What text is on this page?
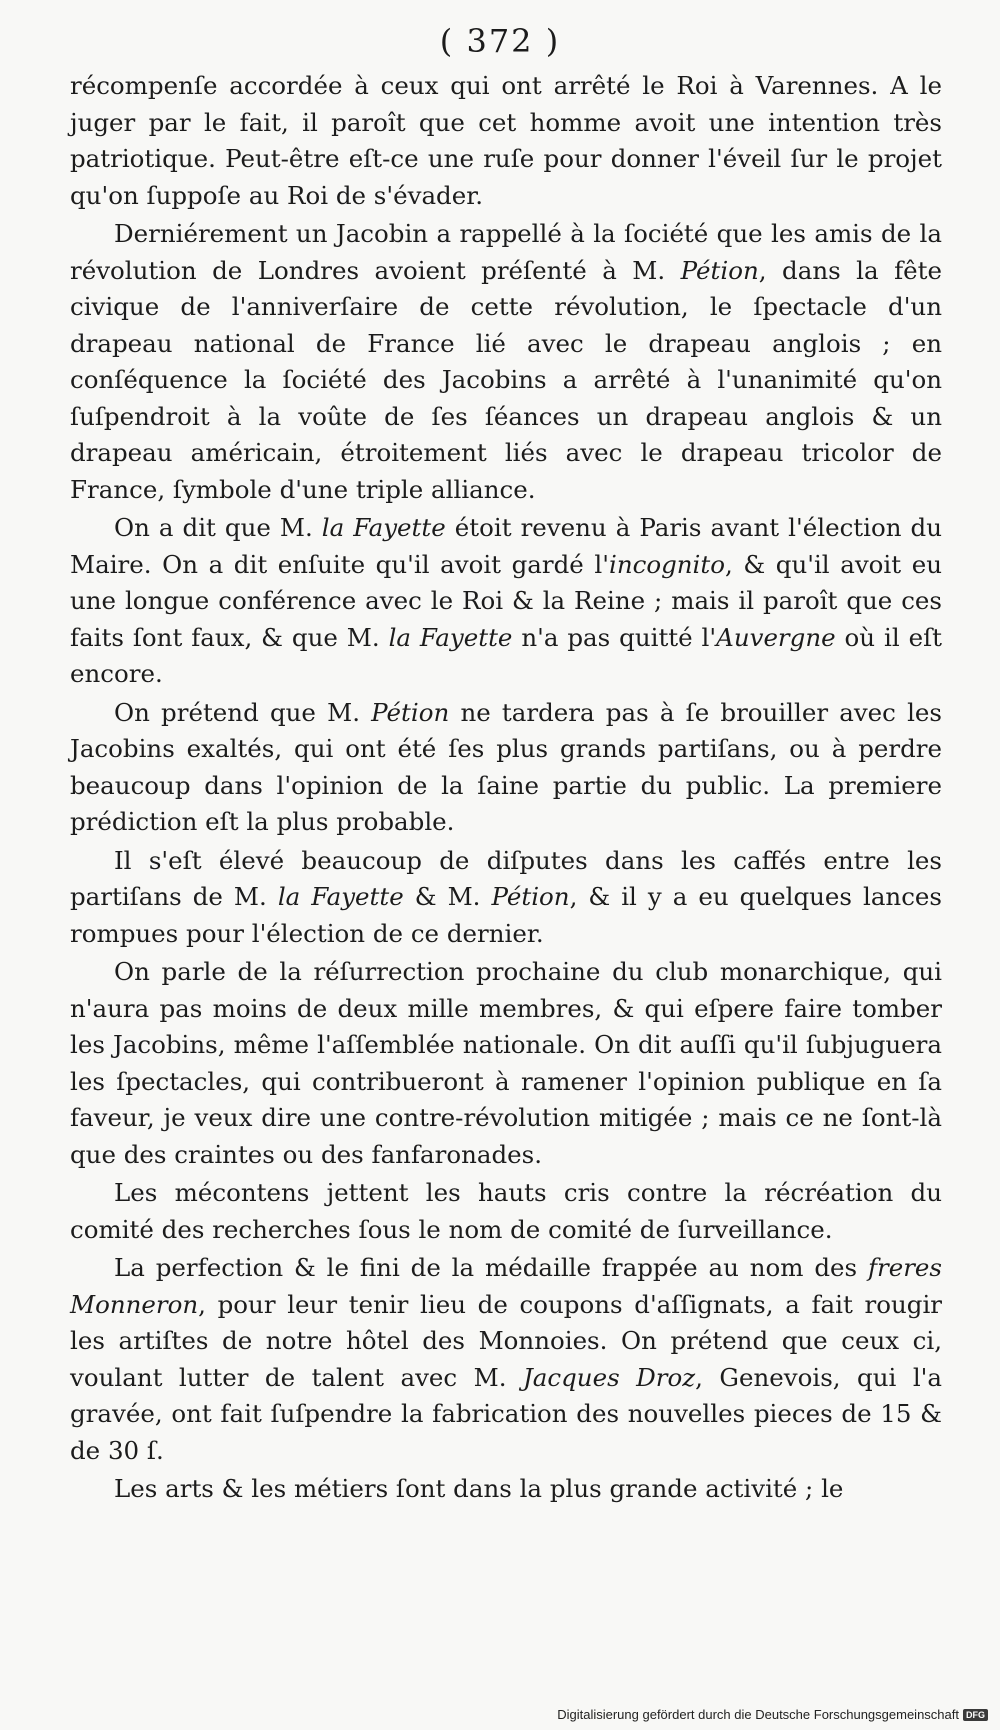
( 372 )

récompenſe accordée à ceux qui ont arrêté le Roi à Varennes. A le juger par le fait, il paroît que cet homme avoit une intention très patriotique. Peut-être eſt-ce une ruſe pour donner l'éveil ſur le projet qu'on ſuppoſe au Roi de s'évader.

Derniérement un Jacobin a rappellé à la ſociété que les amis de la révolution de Londres avoient préſenté à M. Pétion, dans la fête civique de l'anniverſaire de cette révolution, le ſpectacle d'un drapeau national de France lié avec le drapeau anglois ; en conſéquence la ſociété des Jacobins a arrêté à l'unanimité qu'on ſuſpendroit à la voûte de ſes ſéances un drapeau anglois & un drapeau américain, étroitement liés avec le drapeau tricolor de France, ſymbole d'une triple alliance.

On a dit que M. la Fayette étoit revenu à Paris avant l'élection du Maire. On a dit enſuite qu'il avoit gardé l'incognito, & qu'il avoit eu une longue conférence avec le Roi & la Reine ; mais il paroît que ces faits ſont faux, & que M. la Fayette n'a pas quitté l'Auvergne où il eſt encore.

On prétend que M. Pétion ne tardera pas à ſe brouiller avec les Jacobins exaltés, qui ont été ſes plus grands partiſans, ou à perdre beaucoup dans l'opinion de la ſaine partie du public. La premiere prédiction eſt la plus probable.

Il s'eſt élevé beaucoup de diſputes dans les caffés entre les partiſans de M. la Fayette & M. Pétion, & il y a eu quelques lances rompues pour l'élection de ce dernier.

On parle de la réſurrection prochaine du club monarchique, qui n'aura pas moins de deux mille membres, & qui eſpere faire tomber les Jacobins, même l'aſſemblée nationale. On dit auſſi qu'il ſubjuguera les ſpectacles, qui contribueront à ramener l'opinion publique en ſa faveur, je veux dire une contre-révolution mitigée ; mais ce ne ſont-là que des craintes ou des fanfaronades.

Les mécontens jettent les hauts cris contre la récréation du comité des recherches ſous le nom de comité de ſurveillance.

La perfection & le fini de la médaille frappée au nom des freres Monneron, pour leur tenir lieu de coupons d'aſſignats, a fait rougir les artiſtes de notre hôtel des Monnoies. On prétend que ceux ci, voulant lutter de talent avec M. Jacques Droz, Genevois, qui l'a gravée, ont fait ſuſpendre la fabrication des nouvelles pieces de 15 & de 30 ſ.

Les arts & les métiers ſont dans la plus grande activité ; le

Digitalisierung gefördert durch die Deutsche Forschungsgemeinschaft DFG
